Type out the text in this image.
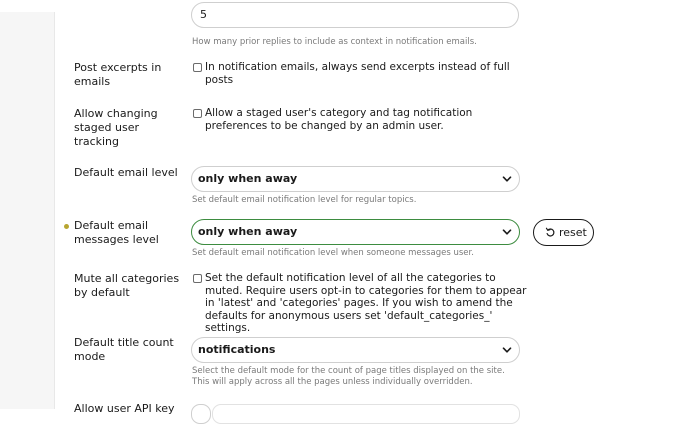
5
How many prior replies to include as context in notification emails.
Post excerpts in emails
In notification emails, always send excerpts instead of full posts
Allow changing staged user tracking
Allow a staged user's category and tag notification preferences to be changed by an admin user.
Default email level	only when away
Set default email notification level for regular topics.
Default email messages level
only when away	reset
Set default email notification level when someone messages user.
Mute all categories by default
Set the default notification level of all the categories to muted. Require users opt-in to categories for them to appear in 'latest' and 'categories' pages. If you wish to amend the defaults for anonymous users set 'default_categories_' settings.
Default title count mode
notifications
Select the default mode for the count of page titles displayed on the site.
This will apply across all the pages unless individually overridden.
Allow user API key
